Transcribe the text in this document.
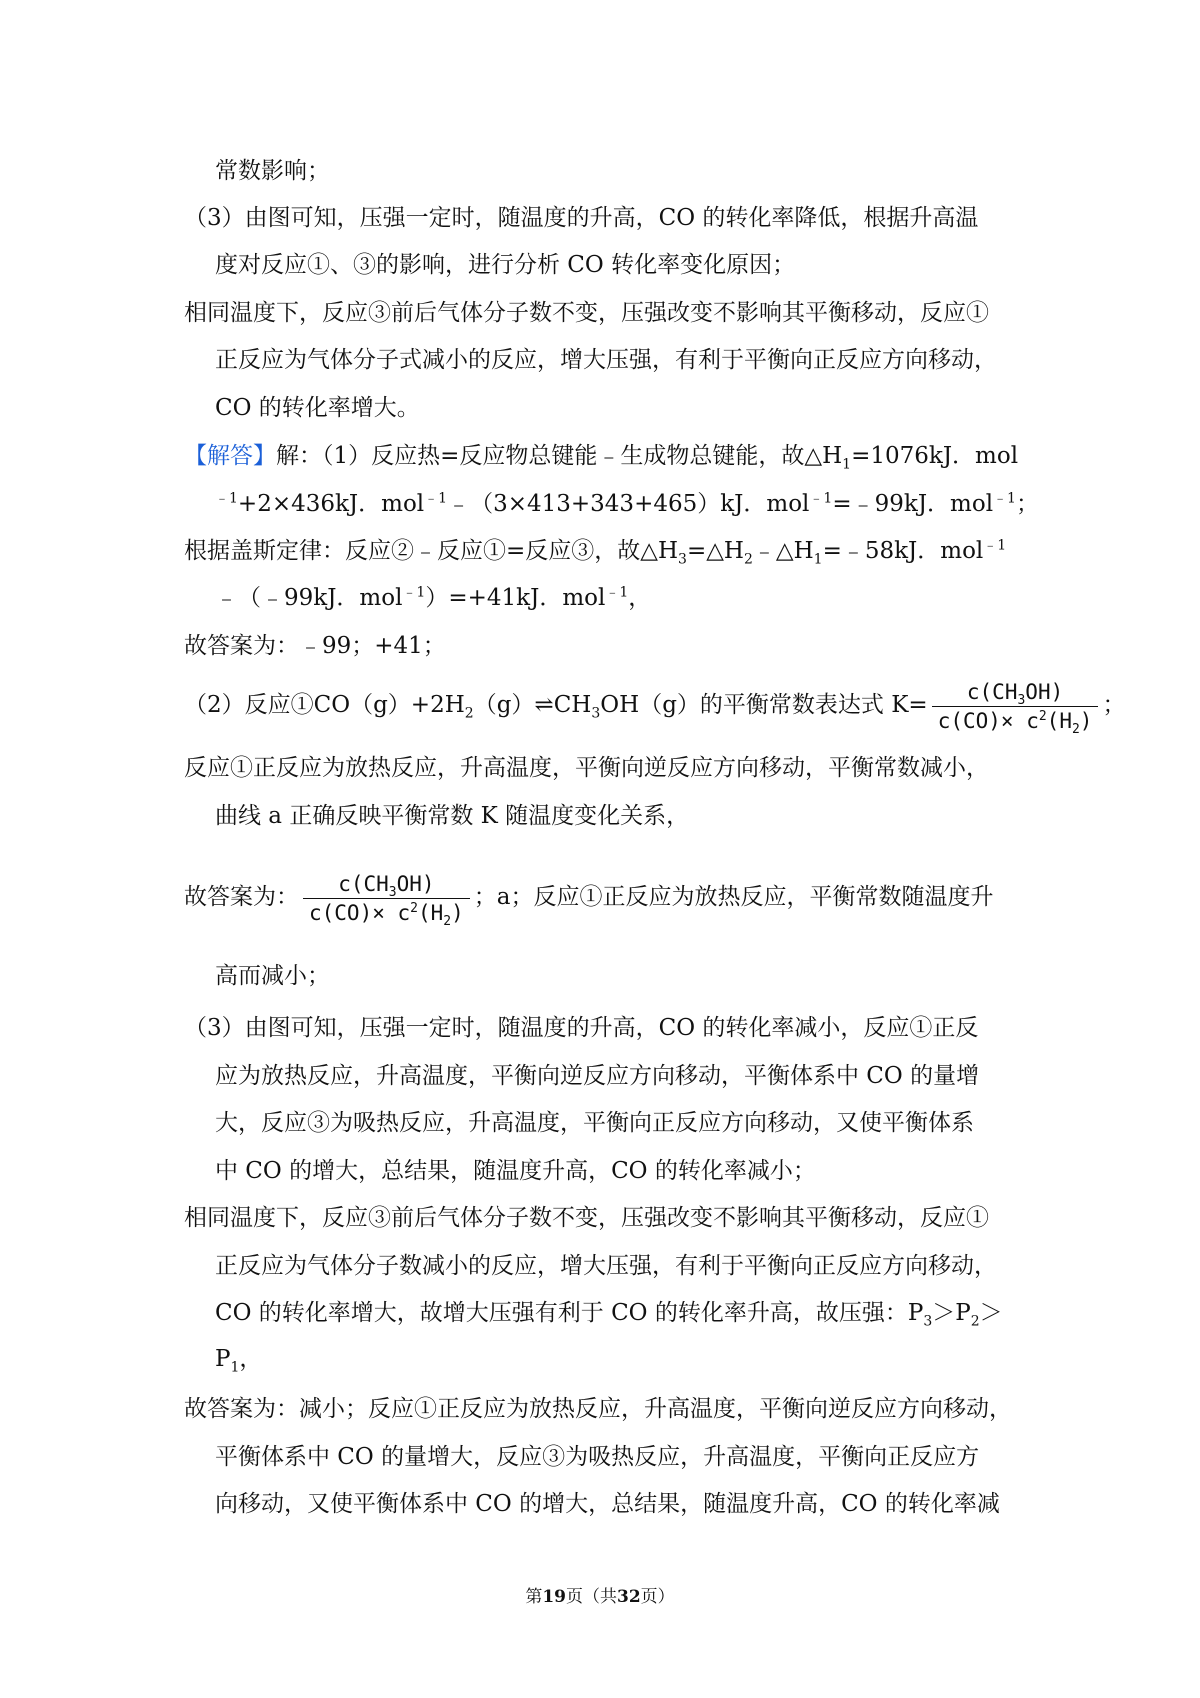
常数影响；
（3）由图可知，压强一定时，随温度的升高，CO 的转化率降低，根据升高温
度对反应①、③的影响，进行分析 CO 转化率变化原因；
相同温度下，反应③前后气体分子数不变，压强改变不影响其平衡移动，反应①
正反应为气体分子式减小的反应，增大压强，有利于平衡向正反应方向移动，
CO 的转化率增大。
【解答】解：（1）反应热=反应物总键能﹣生成物总键能，故$\triangle H_1=1076kJ$．mol
$^{﹣1}$+2×436kJ．mol$^{﹣1}$﹣（3×413+343+465）kJ．mol$^{﹣1}$=﹣99kJ．mol$^{﹣1}$；
根据盖斯定律：反应②﹣反应①=反应③，故$\triangle H_3=\triangle H_2﹣\triangle H_1=﹣58kJ$．mol$^{﹣1}$
﹣（﹣99kJ．mol$^{﹣1}$）=+41kJ．mol$^{﹣1}$，
故答案为：﹣99；+41；
（2）反应$①CO(g)+2H_2(g)\rightleftharpoons CH_3OH(g)$的平衡常数表达式 $K= \frac{c(CH_3OH)}{c(CO)\times c^2(H_2)}$ ；
反应①正反应为放热反应，升高温度，平衡向逆反应方向移动，平衡常数减小，
曲线 a 正确反映平衡常数 K 随温度变化关系，
故答案为： $\frac{c(CH_3OH)}{c(CO)\times c^2(H_2)}$ ；a；反应①正反应为放热反应，平衡常数随温度升
高而减小；
（3）由图可知，压强一定时，随温度的升高，CO 的转化率减小，反应①正反
应为放热反应，升高温度，平衡向逆反应方向移动，平衡体系中 CO 的量增
大，反应③为吸热反应，升高温度，平衡向正反应方向移动，又使平衡体系
中 CO 的增大，总结果，随温度升高，CO 的转化率减小；
相同温度下，反应③前后气体分子数不变，压强改变不影响其平衡移动，反应①
正反应为气体分子数减小的反应，增大压强，有利于平衡向正反应方向移动，
CO 的转化率增大，故增大压强有利于 CO 的转化率升高，故压强：$P_3>P_2>$
$P_1$，
故答案为：减小；反应①正反应为放热反应，升高温度，平衡向逆反应方向移动，
平衡体系中 CO 的量增大，反应③为吸热反应，升高温度，平衡向正反应方
向移动，又使平衡体系中 CO 的增大，总结果，随温度升高，CO 的转化率减
第19页（共32页）
